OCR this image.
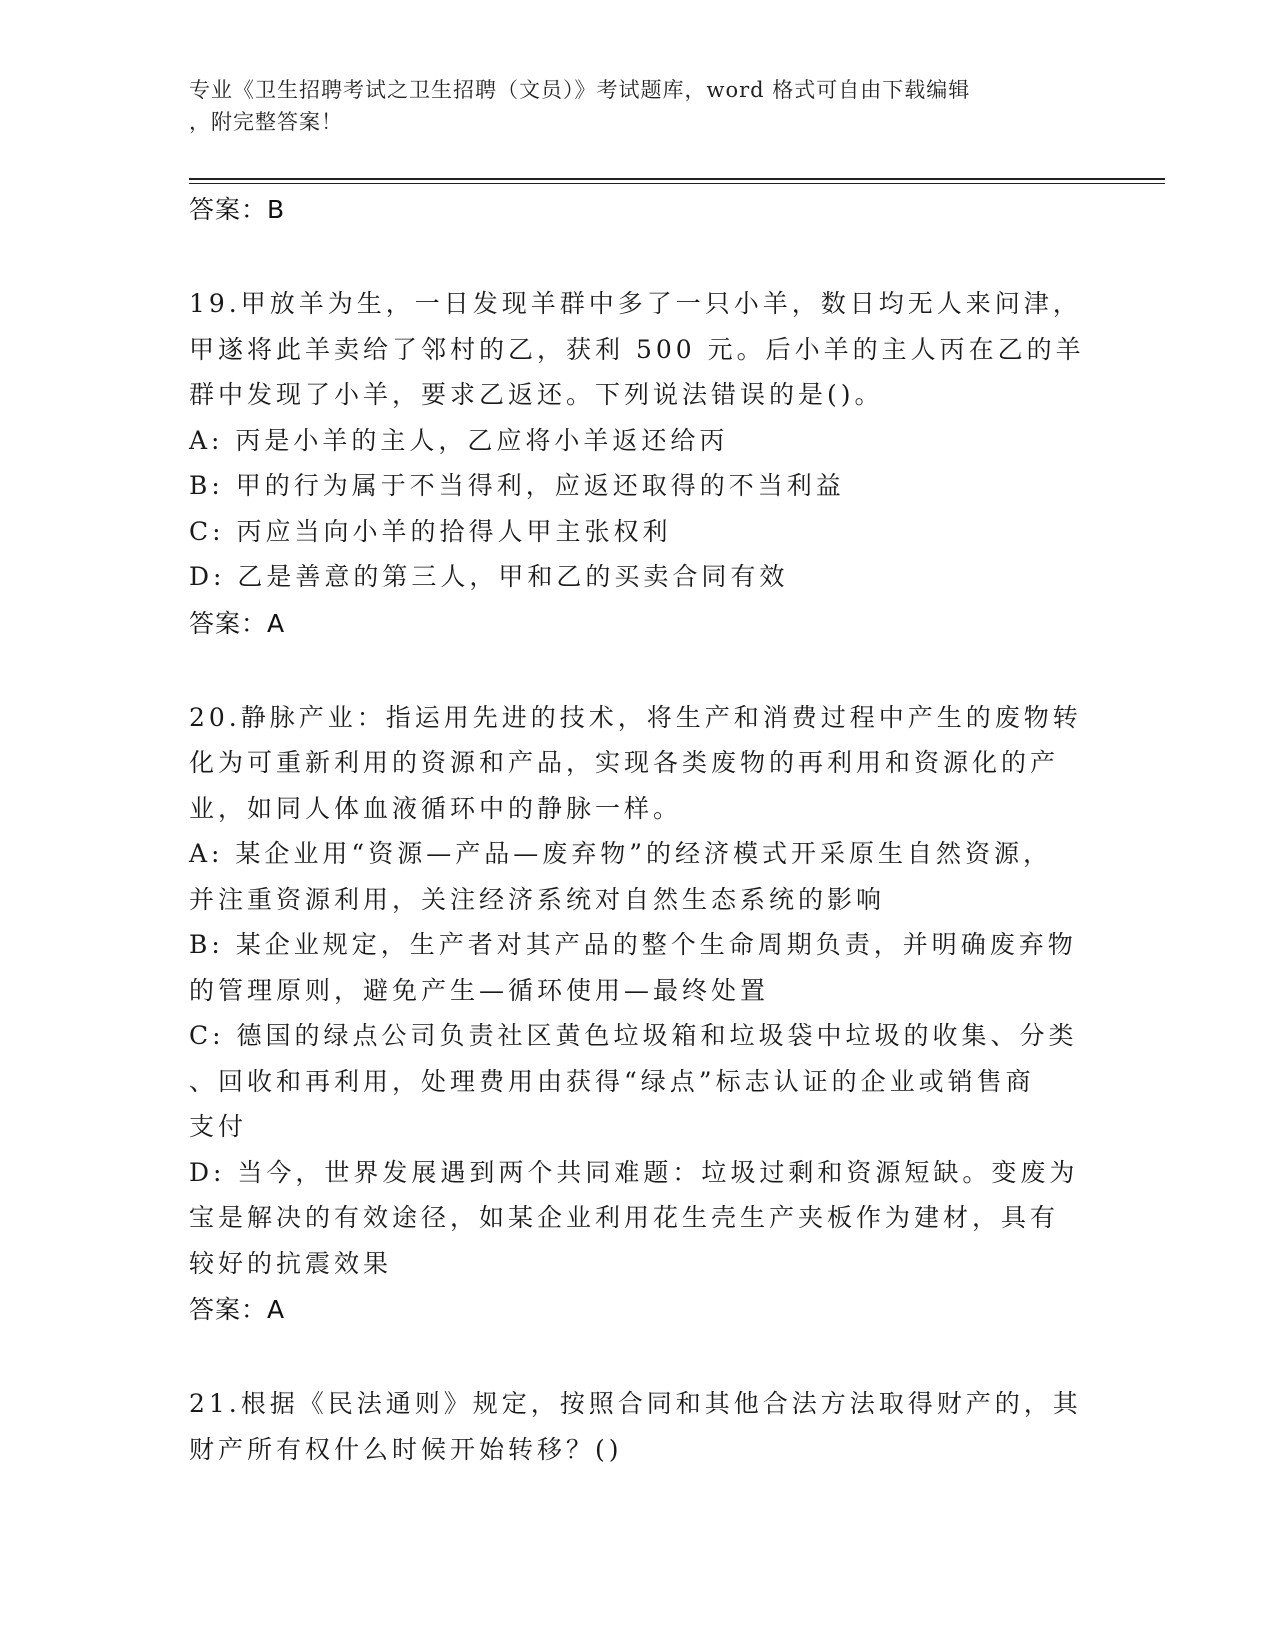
专业《卫生招聘考试之卫生招聘（文员）》考试题库，word 格式可自由下载编辑
，附完整答案！
答案：B
19.甲放羊为生，一日发现羊群中多了一只小羊，数日均无人来问津，
甲遂将此羊卖给了邻村的乙，获利 500 元。后小羊的主人丙在乙的羊
群中发现了小羊，要求乙返还。下列说法错误的是()。
A: 丙是小羊的主人，乙应将小羊返还给丙
B: 甲的行为属于不当得利，应返还取得的不当利益
C: 丙应当向小羊的拾得人甲主张权利
D: 乙是善意的第三人，甲和乙的买卖合同有效
答案：A
20.静脉产业：指运用先进的技术，将生产和消费过程中产生的废物转
化为可重新利用的资源和产品，实现各类废物的再利用和资源化的产
业，如同人体血液循环中的静脉一样。
A: 某企业用“资源—产品—废弃物”的经济模式开采原生自然资源，
并注重资源利用，关注经济系统对自然生态系统的影响
B: 某企业规定，生产者对其产品的整个生命周期负责，并明确废弃物
的管理原则，避免产生—循环使用—最终处置
C: 德国的绿点公司负责社区黄色垃圾箱和垃圾袋中垃圾的收集、分类
、回收和再利用，处理费用由获得“绿点”标志认证的企业或销售商
支付
D: 当今，世界发展遇到两个共同难题：垃圾过剩和资源短缺。变废为
宝是解决的有效途径，如某企业利用花生壳生产夹板作为建材，具有
较好的抗震效果
答案：A
21.根据《民法通则》规定，按照合同和其他合法方法取得财产的，其
财产所有权什么时候开始转移？()
